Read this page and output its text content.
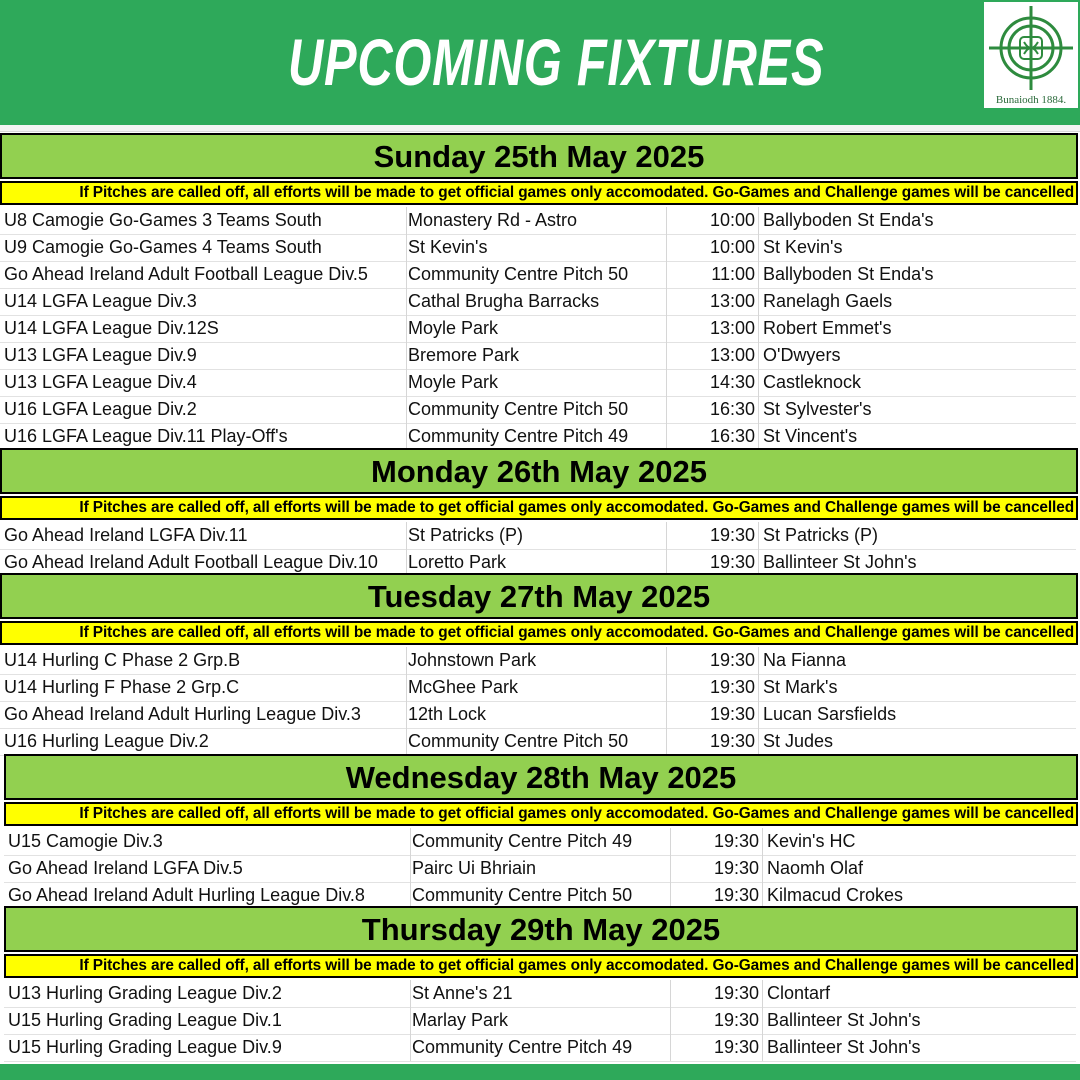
UPCOMING FIXTURES
Bunaiodh 1884.
Sunday 25th May 2025
If Pitches are called off, all efforts will be made to get official games only accomodated. Go-Games and Challenge games will be cancelled
U8 Camogie Go-Games 3 Teams South	Monastery Rd - Astro	10:00 Ballyboden St Enda's
U9 Camogie Go-Games 4 Teams South	St Kevin's	10:00 St Kevin's
Go Ahead Ireland Adult Football League Div.5	Community Centre Pitch 50	11:00 Ballyboden St Enda's
U14 LGFA League Div.3	Cathal Brugha Barracks	13:00 Ranelagh Gaels
U14 LGFA League Div.12S	Moyle Park	13:00 Robert Emmet's
U13 LGFA League Div.9	Bremore Park	13:00 O'Dwyers
U13 LGFA League Div.4	Moyle Park	14:30 Castleknock
U16 LGFA League Div.2	Community Centre Pitch 50	16:30 St Sylvester's
U16 LGFA League Div.11 Play-Off's	Community Centre Pitch 49	16:30 St Vincent's
Monday 26th May 2025
If Pitches are called off, all efforts will be made to get official games only accomodated. Go-Games and Challenge games will be cancelled
Go Ahead Ireland LGFA Div.11	St Patricks (P)	19:30 St Patricks (P)
Go Ahead Ireland Adult Football League Div.10	Loretto Park	19:30 Ballinteer St John's
Tuesday 27th May 2025
If Pitches are called off, all efforts will be made to get official games only accomodated. Go-Games and Challenge games will be cancelled
U14 Hurling C Phase 2 Grp.B	Johnstown Park	19:30 Na Fianna
U14 Hurling F Phase 2 Grp.C	McGhee Park	19:30 St Mark's
Go Ahead Ireland Adult Hurling League Div.3	12th Lock	19:30 Lucan Sarsfields
U16 Hurling League Div.2	Community Centre Pitch 50	19:30 St Judes
Wednesday 28th May 2025
If Pitches are called off, all efforts will be made to get official games only accomodated. Go-Games and Challenge games will be cancelled
U15 Camogie Div.3	Community Centre Pitch 49	19:30 Kevin's HC
Go Ahead Ireland LGFA Div.5	Pairc Ui Bhriain	19:30 Naomh Olaf
Go Ahead Ireland Adult Hurling League Div.8	Community Centre Pitch 50	19:30 Kilmacud Crokes
Thursday 29th May 2025
If Pitches are called off, all efforts will be made to get official games only accomodated. Go-Games and Challenge games will be cancelled
U13 Hurling Grading League Div.2	St Anne's 21	19:30 Clontarf
U15 Hurling Grading League Div.1	Marlay Park	19:30 Ballinteer St John's
U15 Hurling Grading League Div.9	Community Centre Pitch 49	19:30 Ballinteer St John's
